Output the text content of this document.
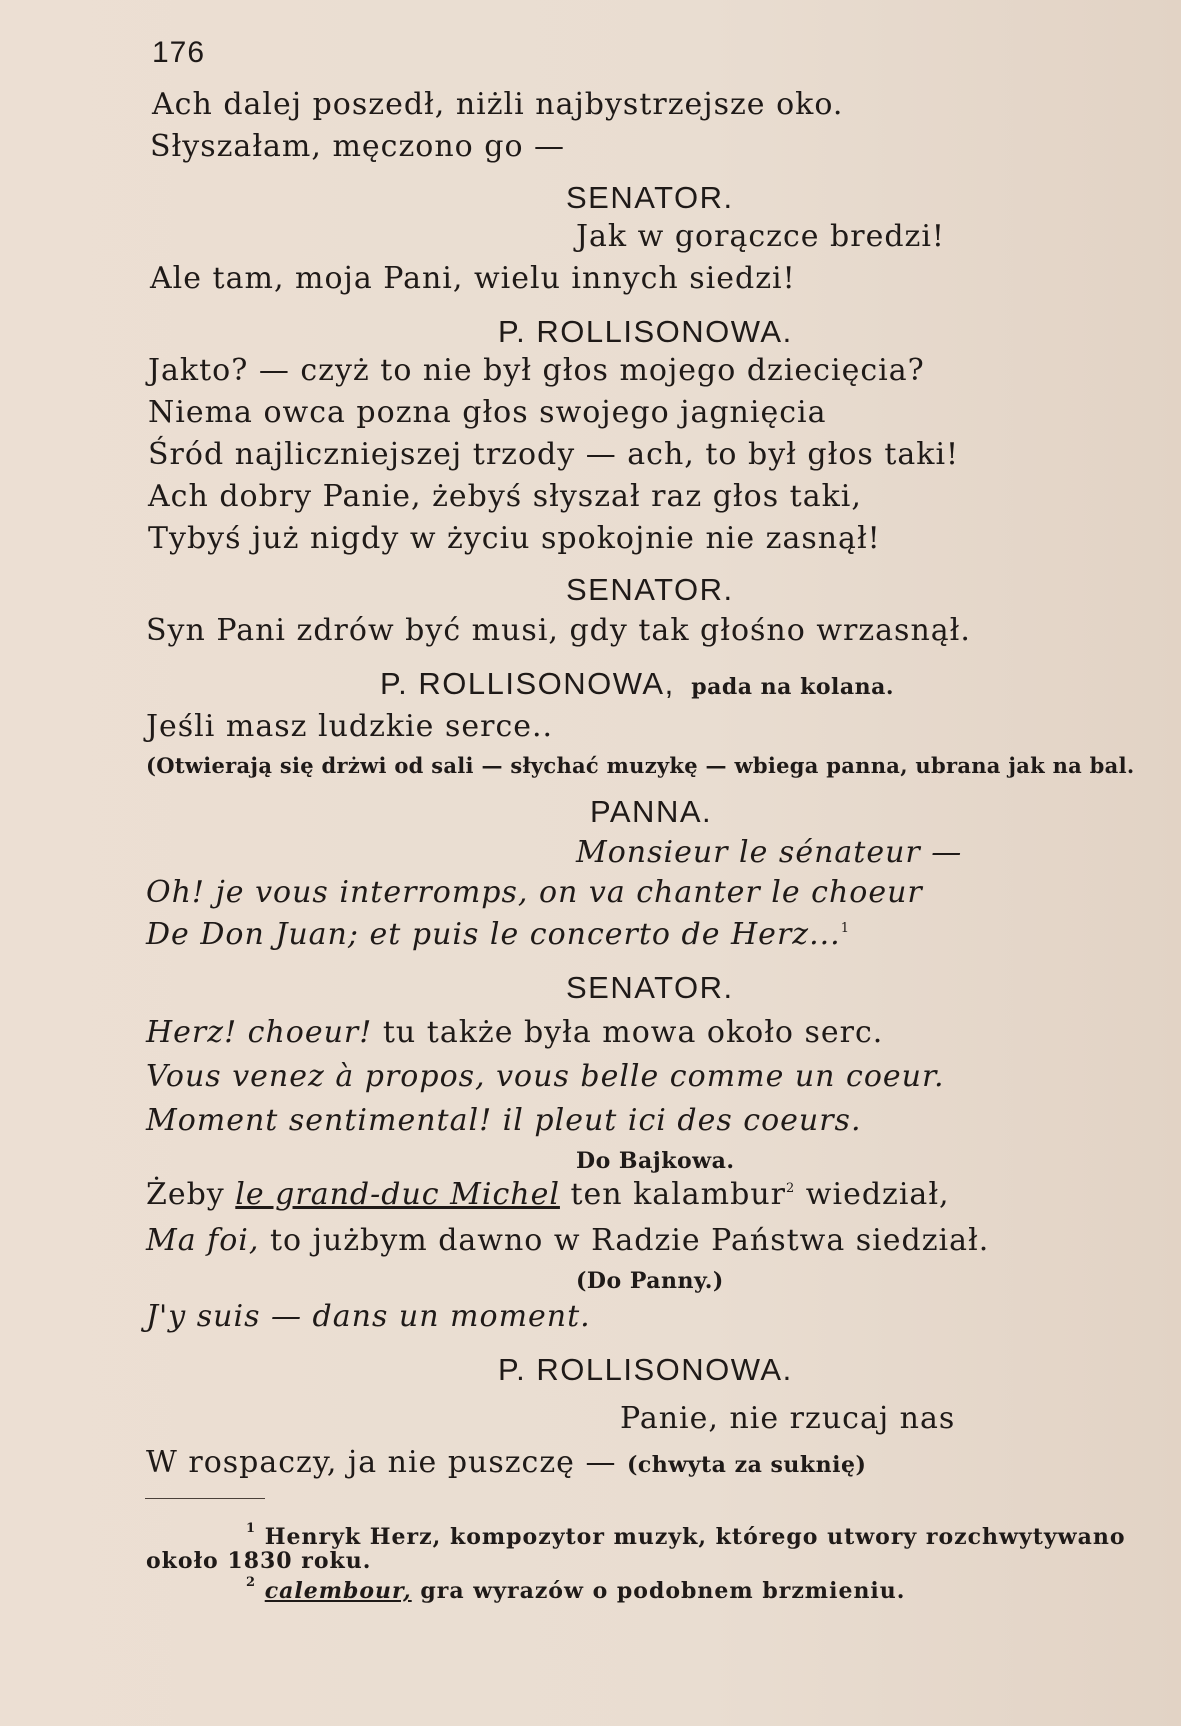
176
Ach dalej poszedł, niżli najbystrzejsze oko.
Słyszałam, męczono go —
SENATOR.
Jak w gorączce bredzi!
Ale tam, moja Pani, wielu innych siedzi!
P. ROLLISONOWA.
Jakto? — czyż to nie był głos mojego dziecięcia?
Niema owca pozna głos swojego jagnięcia
Śród najliczniejszej trzody — ach, to był głos taki!
Ach dobry Panie, żebyś słyszał raz głos taki,
Tybyś już nigdy w życiu spokojnie nie zasnął!
SENATOR.
Syn Pani zdrów być musi, gdy tak głośno wrzasnął.
P. ROLLISONOWA, pada na kolana.
Jeśli masz ludzkie serce..
(Otwierają się drżwi od sali — słychać muzykę — wbiega panna, ubrana jak na bal.
PANNA.
Monsieur le sénateur —
Oh! je vous interromps, on va chanter le choeur
De Don Juan; et puis le concerto de Herz...$^1$
SENATOR.
Herz! choeur! tu także była mowa około serc.
Vous venez à propos, vous belle comme un coeur.
Moment sentimental! il pleut ici des coeurs.
Do Bajkowa.
Żeby le grand-duc Michel ten kalambur$^2$ wiedział,
Ma foi, to jużbym dawno w Radzie Państwa siedział.
(Do Panny.)
J'y suis — dans un moment.
P. ROLLISONOWA.
Panie, nie rzucaj nas
W rospaczy, ja nie puszczę — (chwyta za suknię)
$^1$ Henryk Herz, kompozytor muzyk, którego utwory rozchwytywano
około 1830 roku.
$^2$ calembour, gra wyrazów o podobnem brzmieniu.
